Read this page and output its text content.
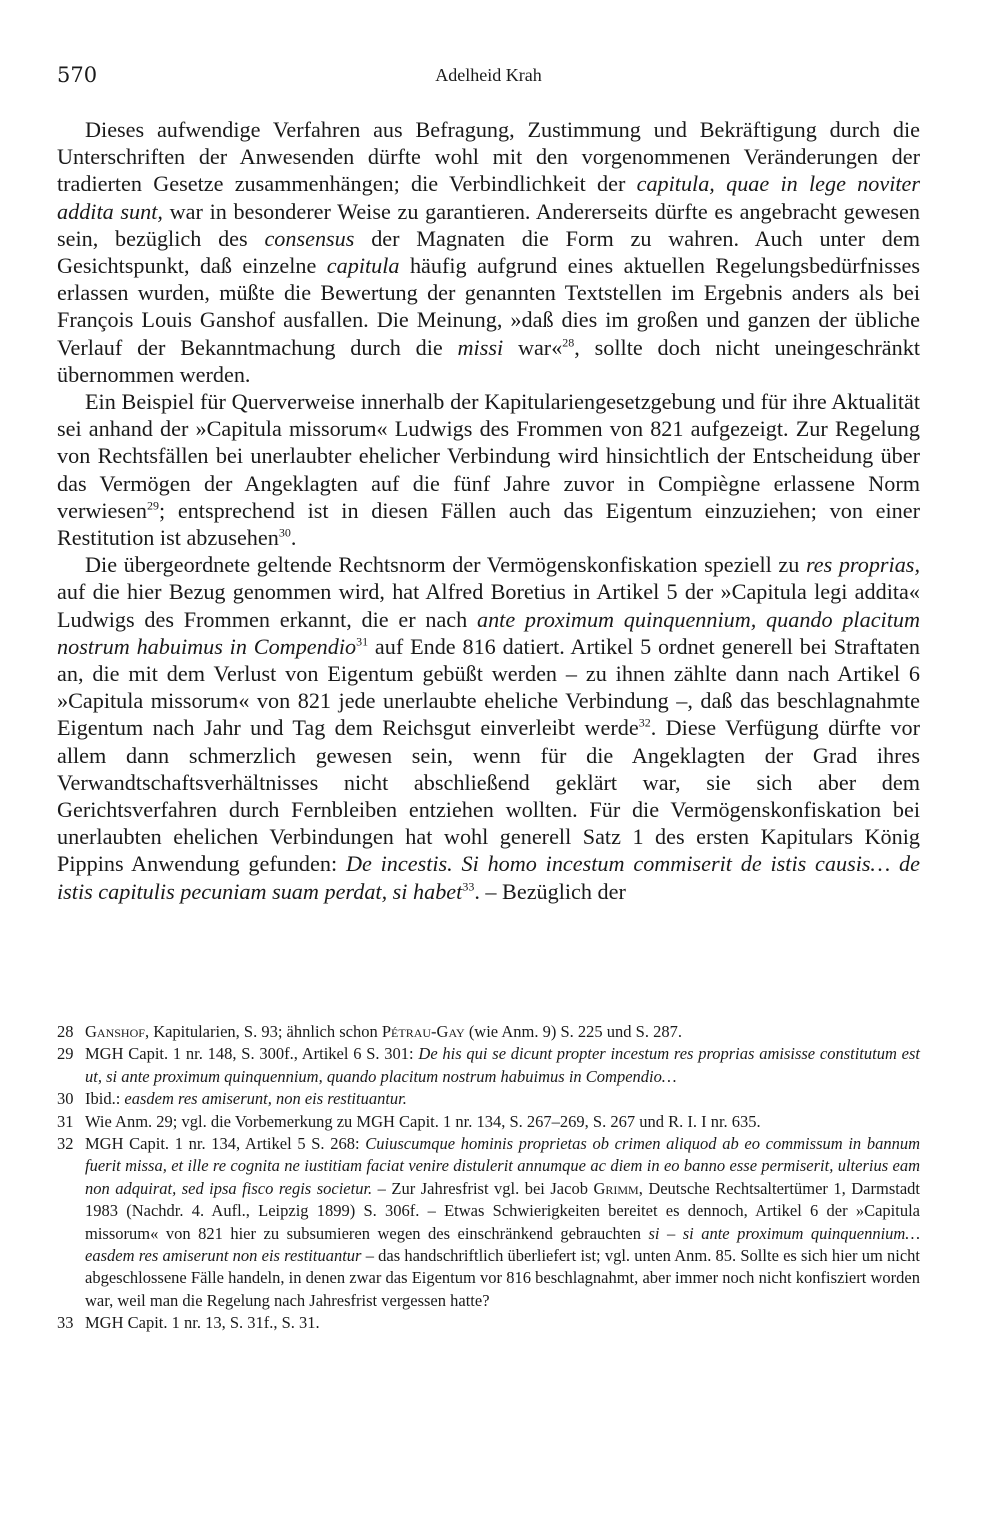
570	Adelheid Krah

Dieses aufwendige Verfahren aus Befragung, Zustimmung und Bekräftigung durch die Unterschriften der Anwesenden dürfte wohl mit den vorgenommenen Veränderungen der tradierten Gesetze zusammenhängen; die Verbindlichkeit der capitula, quae in lege noviter addita sunt, war in besonderer Weise zu garantieren. Andererseits dürfte es angebracht gewesen sein, bezüglich des consensus der Magnaten die Form zu wahren. Auch unter dem Gesichtspunkt, daß einzelne capitula häufig aufgrund eines aktuellen Regelungsbedürfnisses erlassen wurden, müßte die Bewertung der genannten Textstellen im Ergebnis anders als bei François Louis Ganshof ausfallen. Die Meinung, »daß dies im großen und ganzen der übliche Verlauf der Bekanntmachung durch die missi war«$^{28}$, sollte doch nicht uneingeschränkt übernommen werden.

Ein Beispiel für Querverweise innerhalb der Kapitulariengesetzgebung und für ihre Aktualität sei anhand der »Capitula missorum« Ludwigs des Frommen von 821 aufgezeigt. Zur Regelung von Rechtsfällen bei unerlaubter ehelicher Verbindung wird hinsichtlich der Entscheidung über das Vermögen der Angeklagten auf die fünf Jahre zuvor in Compiègne erlassene Norm verwiesen$^{29}$; entsprechend ist in diesen Fällen auch das Eigentum einzuziehen; von einer Restitution ist abzusehen$^{30}$.

Die übergeordnete geltende Rechtsnorm der Vermögenskonfiskation speziell zu res proprias, auf die hier Bezug genommen wird, hat Alfred Boretius in Artikel 5 der »Capitula legi addita« Ludwigs des Frommen erkannt, die er nach ante proximum quinquennium, quando placitum nostrum habuimus in Compendio$^{31}$ auf Ende 816 datiert. Artikel 5 ordnet generell bei Straftaten an, die mit dem Verlust von Eigentum gebüßt werden – zu ihnen zählte dann nach Artikel 6 »Capitula missorum« von 821 jede unerlaubte eheliche Verbindung –, daß das beschlagnahmte Eigentum nach Jahr und Tag dem Reichsgut einverleibt werde$^{32}$. Diese Verfügung dürfte vor allem dann schmerzlich gewesen sein, wenn für die Angeklagten der Grad ihres Verwandtschaftsverhältnisses nicht abschließend geklärt war, sie sich aber dem Gerichtsverfahren durch Fernbleiben entziehen wollten. Für die Vermögenskonfiskation bei unerlaubten ehelichen Verbindungen hat wohl generell Satz 1 des ersten Kapitulars König Pippins Anwendung gefunden: De incestis. Si homo incestum commiserit de istis causis… de istis capitulis pecuniam suam perdat, si habet$^{33}$. – Bezüglich der

28 Ganshof, Kapitularien, S. 93; ähnlich schon Pétrau-Gay (wie Anm. 9) S. 225 und S. 287.
29 MGH Capit. 1 nr. 148, S. 300f., Artikel 6 S. 301: De his qui se dicunt propter incestum res proprias amisisse constitutum est ut, si ante proximum quinquennium, quando placitum nostrum habuimus in Compendio…
30 Ibid.: easdem res amiserunt, non eis restituantur.
31 Wie Anm. 29; vgl. die Vorbemerkung zu MGH Capit. 1 nr. 134, S. 267–269, S. 267 und R. I. I nr. 635.
32 MGH Capit. 1 nr. 134, Artikel 5 S. 268: Cuiuscumque hominis proprietas ob crimen aliquod ab eo commissum in bannum fuerit missa, et ille re cognita ne iustitiam faciat venire distulerit annumque ac diem in eo banno esse permiserit, ulterius eam non adquirat, sed ipsa fisco regis societur. – Zur Jahresfrist vgl. bei Jacob Grimm, Deutsche Rechtsaltertümer 1, Darmstadt 1983 (Nachdr. 4. Aufl., Leipzig 1899) S. 306f. – Etwas Schwierigkeiten bereitet es dennoch, Artikel 6 der »Capitula missorum« von 821 hier zu subsumieren wegen des einschränkend gebrauchten si – si ante proximum quinquennium… easdem res amiserunt non eis restituantur – das handschriftlich überliefert ist; vgl. unten Anm. 85. Sollte es sich hier um nicht abgeschlossene Fälle handeln, in denen zwar das Eigentum vor 816 beschlagnahmt, aber immer noch nicht konfisziert worden war, weil man die Regelung nach Jahresfrist vergessen hatte?
33 MGH Capit. 1 nr. 13, S. 31f., S. 31.
